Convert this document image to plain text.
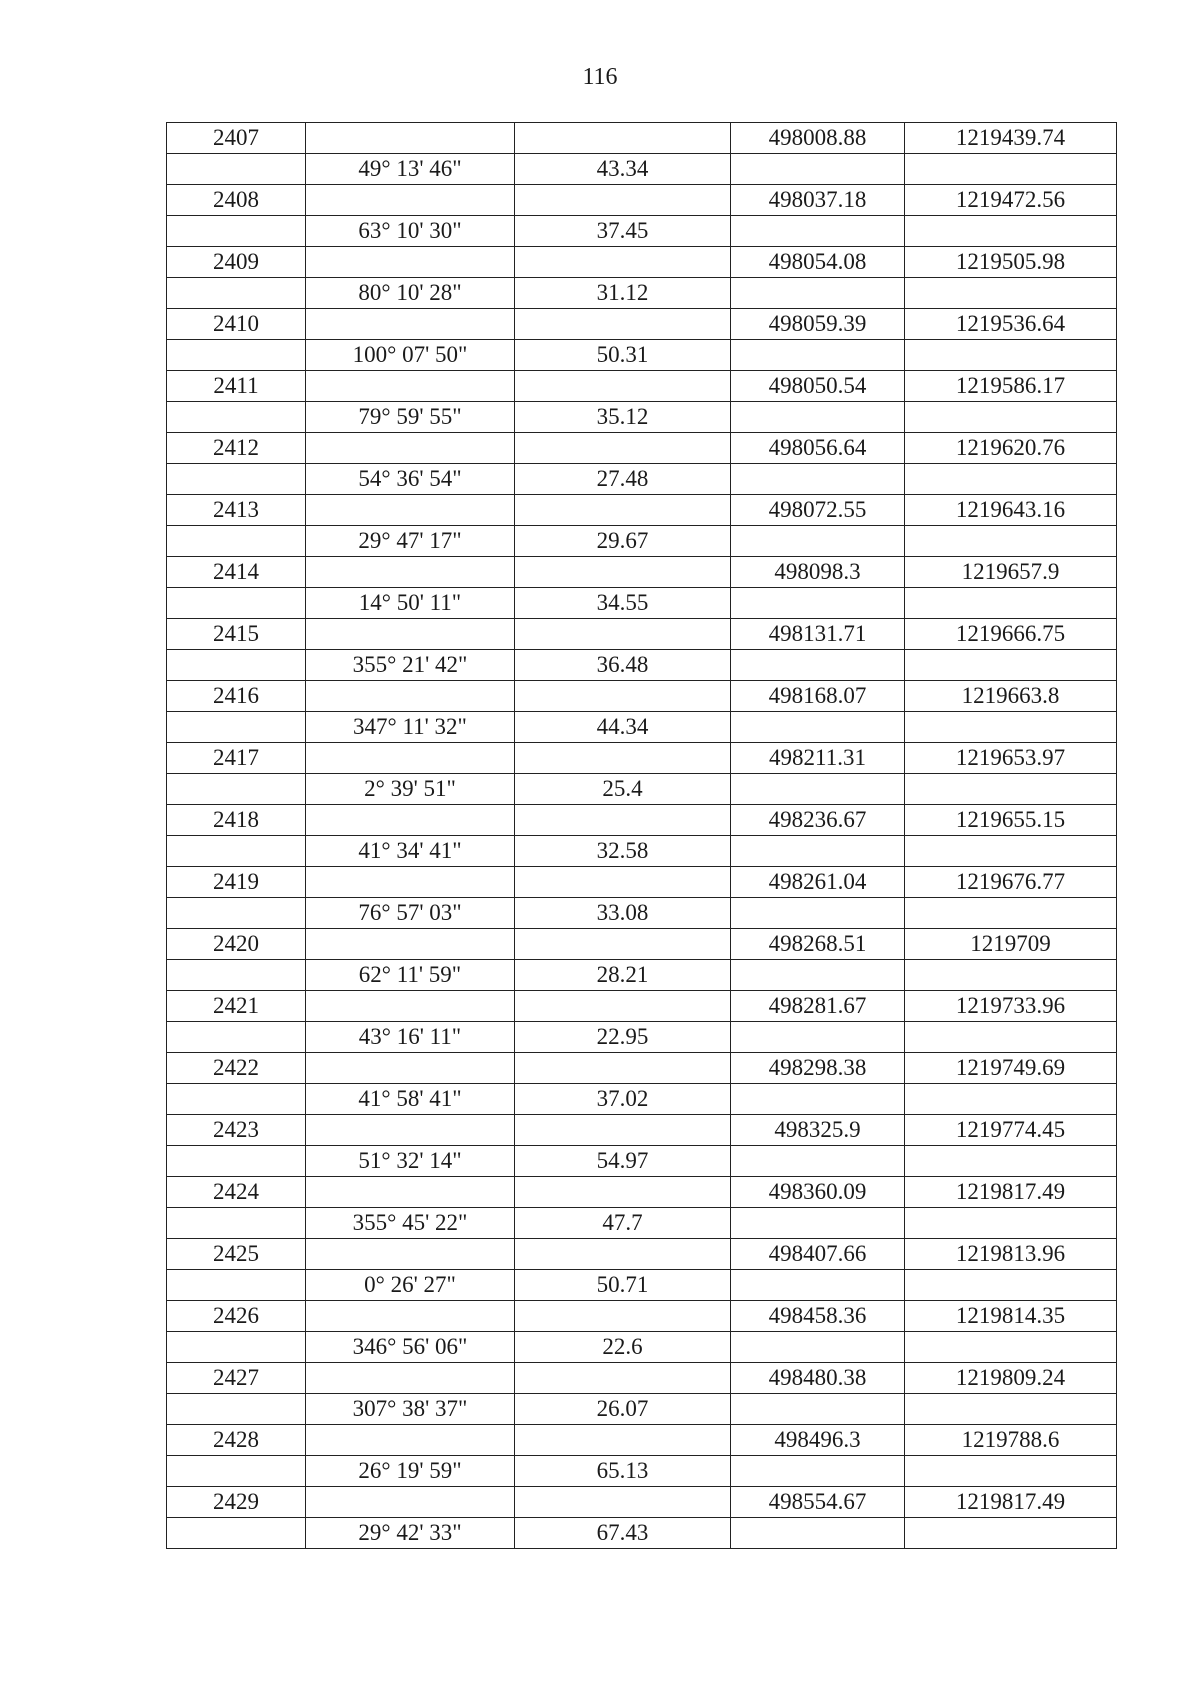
116
2407			498008.88	1219439.74
	49° 13' 46"	43.34		
2408			498037.18	1219472.56
	63° 10' 30"	37.45		
2409			498054.08	1219505.98
	80° 10' 28"	31.12		
2410			498059.39	1219536.64
	100° 07' 50"	50.31		
2411			498050.54	1219586.17
	79° 59' 55"	35.12		
2412			498056.64	1219620.76
	54° 36' 54"	27.48		
2413			498072.55	1219643.16
	29° 47' 17"	29.67		
2414			498098.3	1219657.9
	14° 50' 11"	34.55		
2415			498131.71	1219666.75
	355° 21' 42"	36.48		
2416			498168.07	1219663.8
	347° 11' 32"	44.34		
2417			498211.31	1219653.97
	2° 39' 51"	25.4		
2418			498236.67	1219655.15
	41° 34' 41"	32.58		
2419			498261.04	1219676.77
	76° 57' 03"	33.08		
2420			498268.51	1219709
	62° 11' 59"	28.21		
2421			498281.67	1219733.96
	43° 16' 11"	22.95		
2422			498298.38	1219749.69
	41° 58' 41"	37.02		
2423			498325.9	1219774.45
	51° 32' 14"	54.97		
2424			498360.09	1219817.49
	355° 45' 22"	47.7		
2425			498407.66	1219813.96
	0° 26' 27"	50.71		
2426			498458.36	1219814.35
	346° 56' 06"	22.6		
2427			498480.38	1219809.24
	307° 38' 37"	26.07		
2428			498496.3	1219788.6
	26° 19' 59"	65.13		
2429			498554.67	1219817.49
	29° 42' 33"	67.43		
